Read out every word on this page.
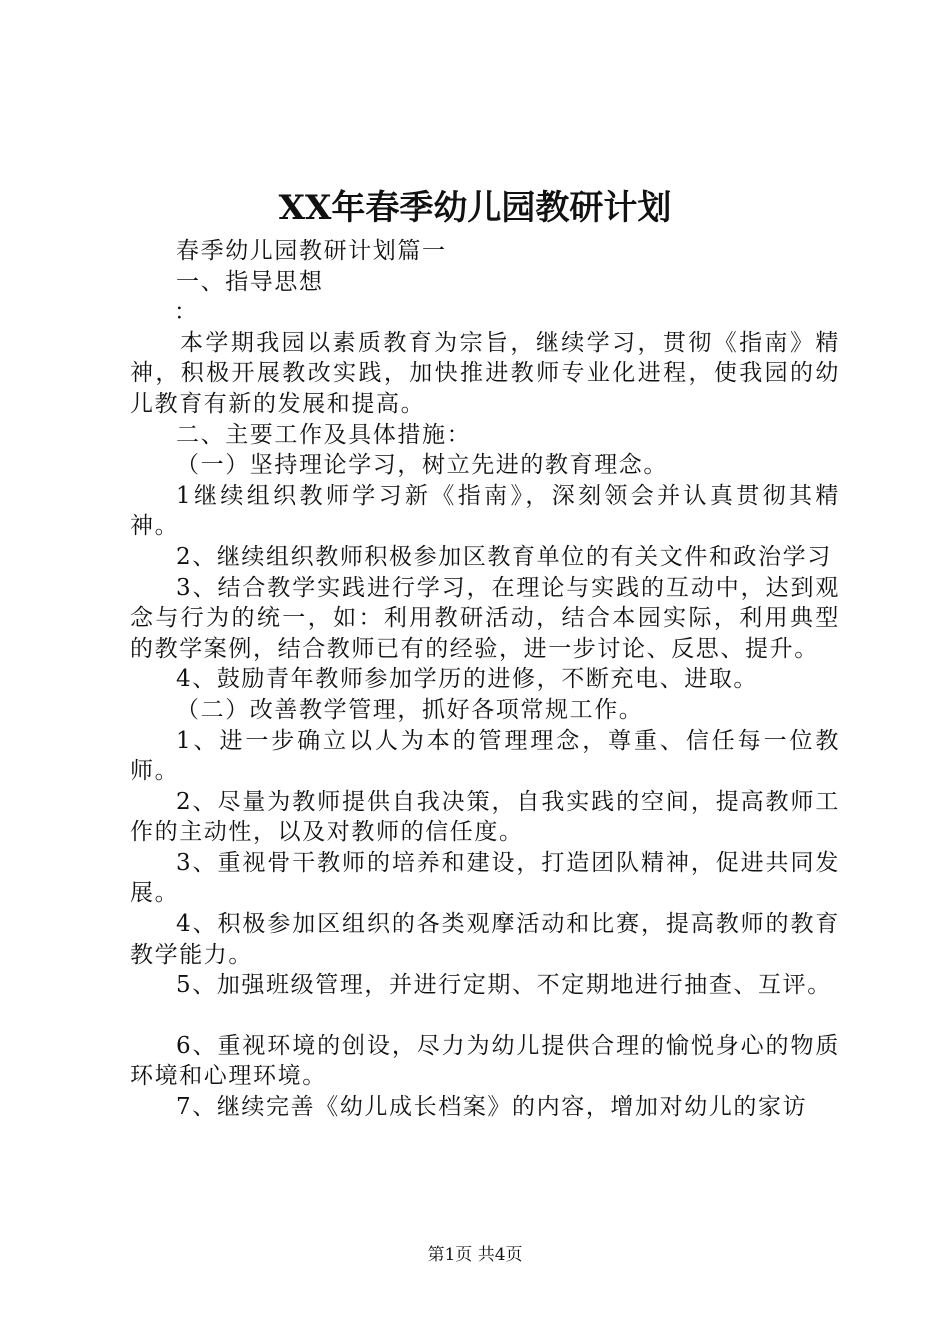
XX年春季幼儿园教研计划

春季幼儿园教研计划篇一

一、指导思想

：

本学期我园以素质教育为宗旨，继续学习，贯彻《指南》精神，积极开展教改实践，加快推进教师专业化进程，使我园的幼儿教育有新的发展和提高。

二、主要工作及具体措施：

（一）坚持理论学习，树立先进的教育理念。

1继续组织教师学习新《指南》，深刻领会并认真贯彻其精神。

2、继续组织教师积极参加区教育单位的有关文件和政治学习

3、结合教学实践进行学习，在理论与实践的互动中，达到观念与行为的统一，如：利用教研活动，结合本园实际，利用典型的教学案例，结合教师已有的经验，进一步讨论、反思、提升。

4、鼓励青年教师参加学历的进修，不断充电、进取。

（二）改善教学管理，抓好各项常规工作。

1、进一步确立以人为本的管理理念，尊重、信任每一位教师。

2、尽量为教师提供自我决策，自我实践的空间，提高教师工作的主动性，以及对教师的信任度。

3、重视骨干教师的培养和建设，打造团队精神，促进共同发展。

4、积极参加区组织的各类观摩活动和比赛，提高教师的教育教学能力。

5、加强班级管理，并进行定期、不定期地进行抽查、互评。

6、重视环境的创设，尽力为幼儿提供合理的愉悦身心的物质环境和心理环境。

7、继续完善《幼儿成长档案》的内容，增加对幼儿的家访

第1页 共4页
